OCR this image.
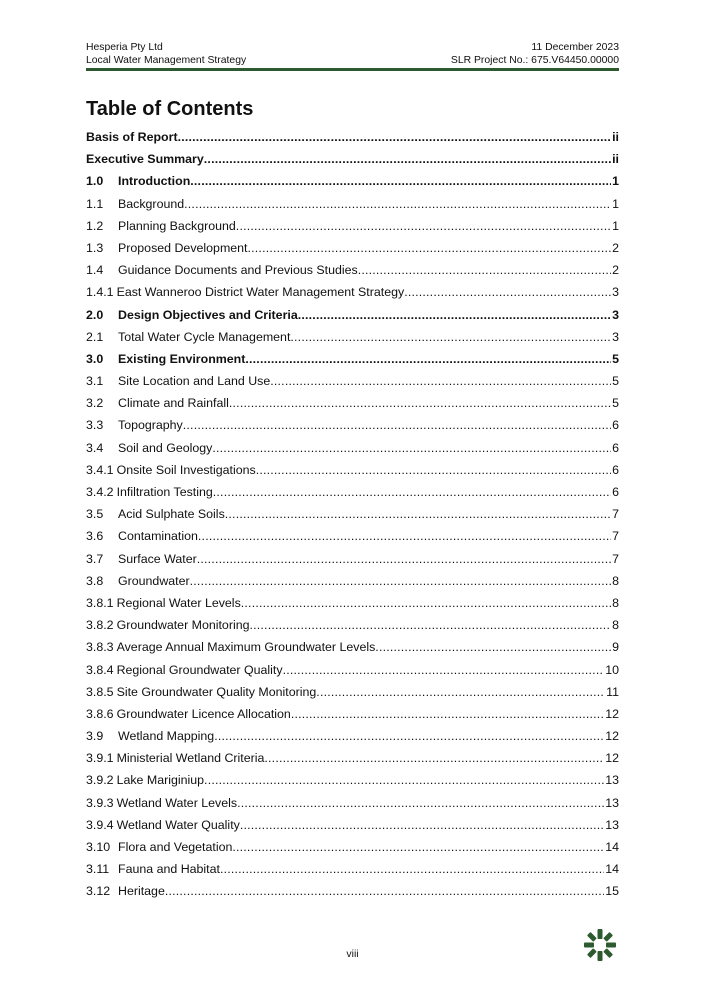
Hesperia Pty Ltd	11 December 2023
Local Water Management Strategy	SLR Project No.: 675.V64450.00000
Table of Contents
Basis of Report .....	ii
Executive Summary .....	ii
1.0	Introduction .....	1
1.1	Background .....	1
1.2	Planning Background .....	1
1.3	Proposed Development .....	2
1.4	Guidance Documents and Previous Studies .....	2
1.4.1 East Wanneroo District Water Management Strategy .....	3
2.0	Design Objectives and Criteria .....	3
2.1	Total Water Cycle Management .....	3
3.0	Existing Environment .....	5
3.1	Site Location and Land Use .....	5
3.2	Climate and Rainfall .....	5
3.3	Topography .....	6
3.4	Soil and Geology .....	6
3.4.1 Onsite Soil Investigations .....	6
3.4.2 Infiltration Testing .....	6
3.5	Acid Sulphate Soils .....	7
3.6	Contamination .....	7
3.7	Surface Water .....	7
3.8	Groundwater .....	8
3.8.1 Regional Water Levels .....	8
3.8.2 Groundwater Monitoring .....	8
3.8.3 Average Annual Maximum Groundwater Levels .....	9
3.8.4 Regional Groundwater Quality .....	10
3.8.5 Site Groundwater Quality Monitoring .....	11
3.8.6 Groundwater Licence Allocation .....	12
3.9	Wetland Mapping .....	12
3.9.1 Ministerial Wetland Criteria .....	12
3.9.2 Lake Mariginiup .....	13
3.9.3 Wetland Water Levels .....	13
3.9.4 Wetland Water Quality .....	13
3.10 Flora and Vegetation .....	14
3.11 Fauna and Habitat .....	14
3.12 Heritage .....	15
viii
